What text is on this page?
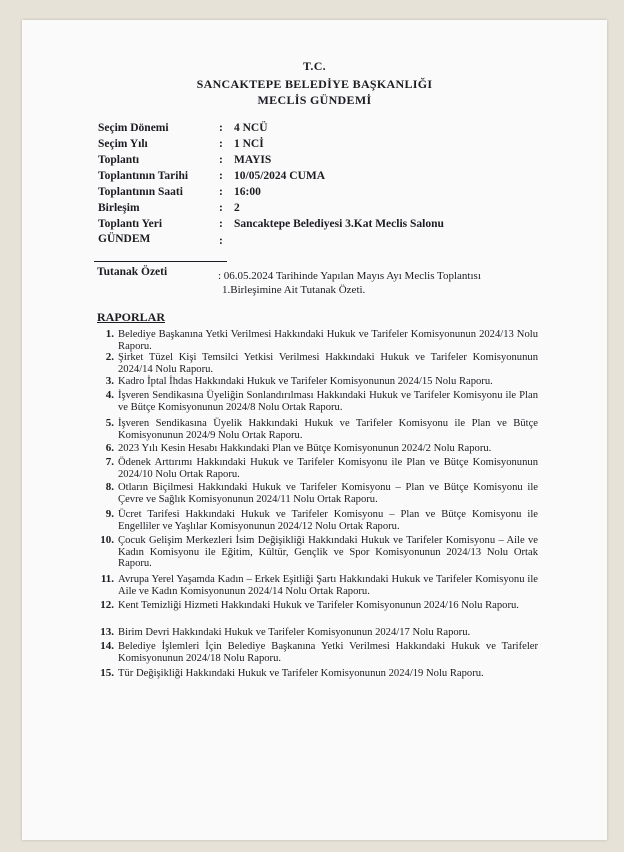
T.C.

SANCAKTEPE BELEDİYE BAŞKANLIĞI

MECLİS GÜNDEMİ

Seçim Dönemi	: 4 NCÜ
Seçim Yılı	: 1 NCİ
Toplantı	: MAYIS
Toplantının Tarihi	: 10/05/2024 CUMA
Toplantının Saati	: 16:00
Birleşim	: 2
Toplantı Yeri	: Sancaktepe Belediyesi 3.Kat Meclis Salonu
GÜNDEM	:
Tutanak Özeti	: 06.05.2024 Tarihinde Yapılan Mayıs Ayı Meclis Toplantısı
1.Birleşimine Ait Tutanak Özeti.

RAPORLAR

1. Belediye Başkanına Yetki Verilmesi Hakkındaki Hukuk ve Tarifeler Komisyonunun 2024/13 Nolu Raporu.
2. Şirket Tüzel Kişi Temsilci Yetkisi Verilmesi Hakkındaki Hukuk ve Tarifeler Komisyonunun 2024/14 Nolu Raporu.
3. Kadro İptal İhdas Hakkındaki Hukuk ve Tarifeler Komisyonunun 2024/15 Nolu Raporu.
4. İşveren Sendikasına Üyeliğin Sonlandırılması Hakkındaki Hukuk ve Tarifeler Komisyonu ile Plan ve Bütçe Komisyonunun 2024/8 Nolu Ortak Raporu.
5. İşveren Sendikasına Üyelik Hakkındaki Hukuk ve Tarifeler Komisyonu ile Plan ve Bütçe Komisyonunun 2024/9 Nolu Ortak Raporu.
6. 2023 Yılı Kesin Hesabı Hakkındaki Plan ve Bütçe Komisyonunun 2024/2 Nolu Raporu.
7. Ödenek Arttırımı Hakkındaki Hukuk ve Tarifeler Komisyonu ile Plan ve Bütçe Komisyonunun 2024/10 Nolu Ortak Raporu.
8. Otların Biçilmesi Hakkındaki Hukuk ve Tarifeler Komisyonu – Plan ve Bütçe Komisyonu ile Çevre ve Sağlık Komisyonunun 2024/11 Nolu Ortak Raporu.
9. Ücret Tarifesi Hakkındaki Hukuk ve Tarifeler Komisyonu – Plan ve Bütçe Komisyonu ile Engelliler ve Yaşlılar Komisyonunun 2024/12 Nolu Ortak Raporu.
10. Çocuk Gelişim Merkezleri İsim Değişikliği Hakkındaki Hukuk ve Tarifeler Komisyonu – Aile ve Kadın Komisyonu ile Eğitim, Kültür, Gençlik ve Spor Komisyonunun 2024/13 Nolu Ortak Raporu.
11. Avrupa Yerel Yaşamda Kadın – Erkek Eşitliği Şartı Hakkındaki Hukuk ve Tarifeler Komisyonu ile Aile ve Kadın Komisyonunun 2024/14 Nolu Ortak Raporu.
12. Kent Temizliği Hizmeti Hakkındaki Hukuk ve Tarifeler Komisyonunun 2024/16 Nolu Raporu.
13. Birim Devri Hakkındaki Hukuk ve Tarifeler Komisyonunun 2024/17 Nolu Raporu.
14. Belediye İşlemleri İçin Belediye Başkanına Yetki Verilmesi Hakkındaki Hukuk ve Tarifeler Komisyonunun 2024/18 Nolu Raporu.
15. Tür Değişikliği Hakkındaki Hukuk ve Tarifeler Komisyonunun 2024/19 Nolu Raporu.
